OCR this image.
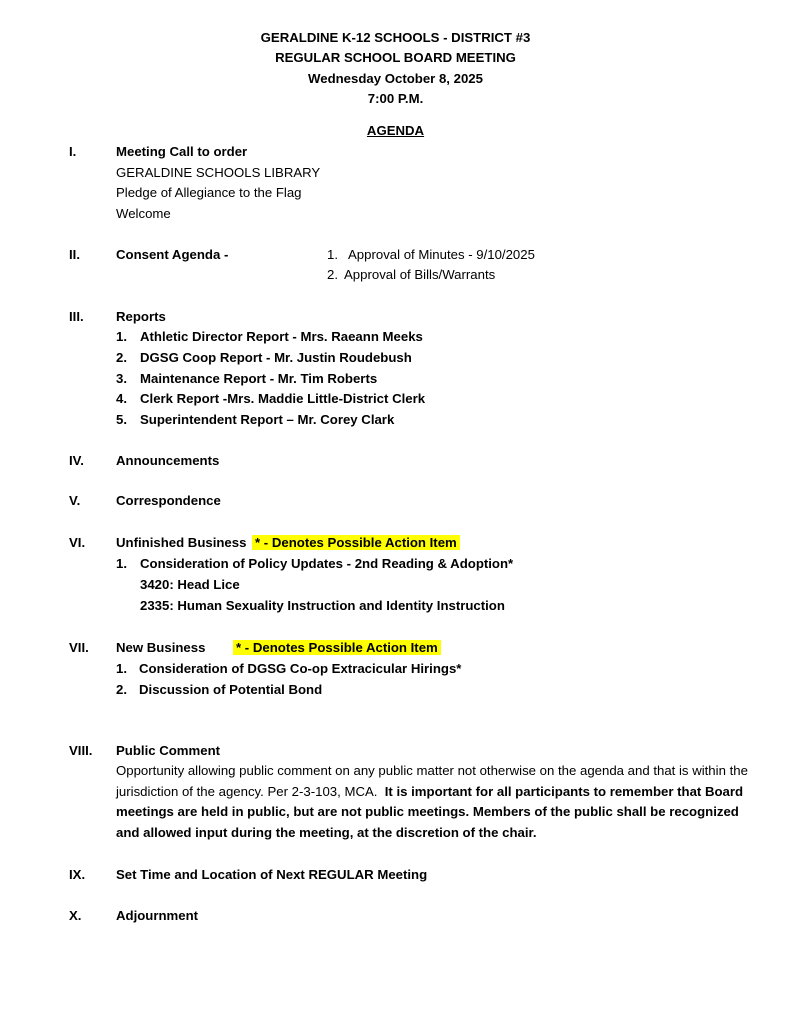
GERALDINE K-12 SCHOOLS - DISTRICT #3
REGULAR SCHOOL BOARD MEETING
Wednesday October 8, 2025
7:00 P.M.
AGENDA
I.	Meeting Call to order
GERALDINE SCHOOLS LIBRARY
Pledge of Allegiance to the Flag
Welcome
II.	Consent Agenda -	1. Approval of Minutes - 9/10/2025
2. Approval of Bills/Warrants
III. Reports
1. Athletic Director Report - Mrs. Raeann Meeks
2. DGSG Coop Report - Mr. Justin Roudebush
3. Maintenance Report - Mr. Tim Roberts
4. Clerk Report -Mrs. Maddie Little-District Clerk
5. Superintendent Report – Mr. Corey Clark
IV. Announcements
V.	Correspondence
VI. Unfinished Business * - Denotes Possible Action Item
1. Consideration of Policy Updates - 2nd Reading & Adoption*
3420: Head Lice
2335: Human Sexuality Instruction and Identity Instruction
VII. New Business * - Denotes Possible Action Item
1. Consideration of DGSG Co-op Extracicular Hirings*
2. Discussion of Potential Bond
VIII. Public Comment
Opportunity allowing public comment on any public matter not otherwise on the agenda and that is within the jurisdiction of the agency. Per 2-3-103, MCA. It is important for all participants to remember that Board meetings are held in public, but are not public meetings. Members of the public shall be recognized and allowed input during the meeting, at the discretion of the chair.
IX. Set Time and Location of Next REGULAR Meeting
X.	Adjournment
